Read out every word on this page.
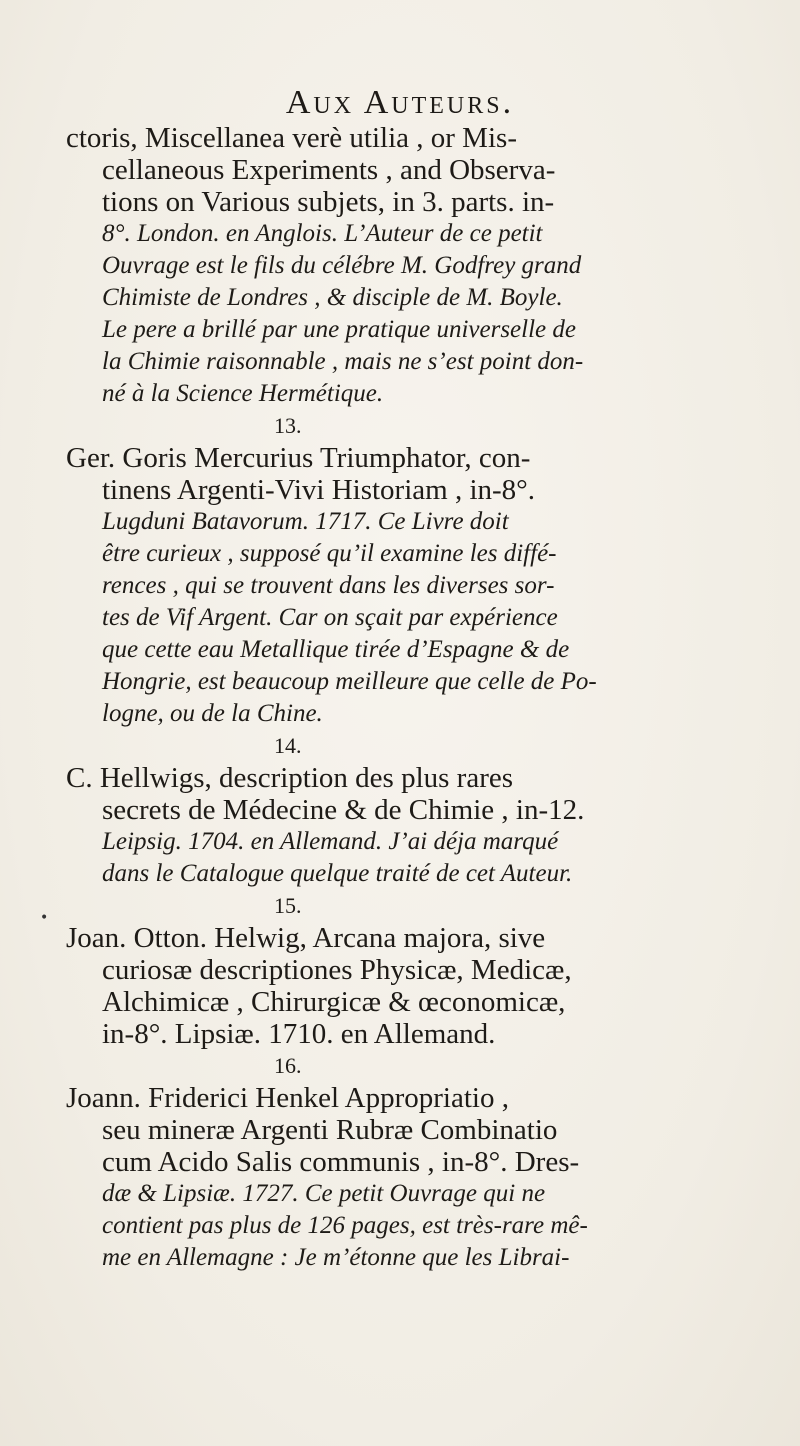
Aux Auteurs.
•
ctoris, Miscellanea verè utilia , or Mis-
cellaneous Experiments , and Observa-
tions on Various subjets, in 3. parts. in-
8°. London. en Anglois. L’Auteur de ce petit
Ouvrage est le fils du célébre M. Godfrey grand
Chimiste de Londres , & disciple de M. Boyle.
Le pere a brillé par une pratique universelle de
la Chimie raisonnable , mais ne s’est point don-
né à la Science Hermétique.
13.
Ger. Goris Mercurius Triumphator, con-
tinens Argenti-Vivi Historiam , in-8°.
Lugduni Batavorum. 1717. Ce Livre doit
être curieux , supposé qu’il examine les diffé-
rences , qui se trouvent dans les diverses sor-
tes de Vif Argent. Car on sçait par expérience
que cette eau Metallique tirée d’Espagne & de
Hongrie, est beaucoup meilleure que celle de Po-
logne, ou de la Chine.
14.
C. Hellwigs, description des plus rares
secrets de Médecine & de Chimie , in-12.
Leipsig. 1704. en Allemand. J’ai déja marqué
dans le Catalogue quelque traité de cet Auteur.
15.
Joan. Otton. Helwig, Arcana majora, sive
curiosæ descriptiones Physicæ, Medicæ,
Alchimicæ , Chirurgicæ & œconomicæ,
in-8°. Lipsiæ. 1710. en Allemand.
16.
Joann. Friderici Henkel Appropriatio ,
seu mineræ Argenti Rubræ Combinatio
cum Acido Salis communis , in-8°. Dres-
dæ & Lipsiæ. 1727. Ce petit Ouvrage qui ne
contient pas plus de 126 pages, est très-rare mê-
me en Allemagne : Je m’étonne que les Librai-
